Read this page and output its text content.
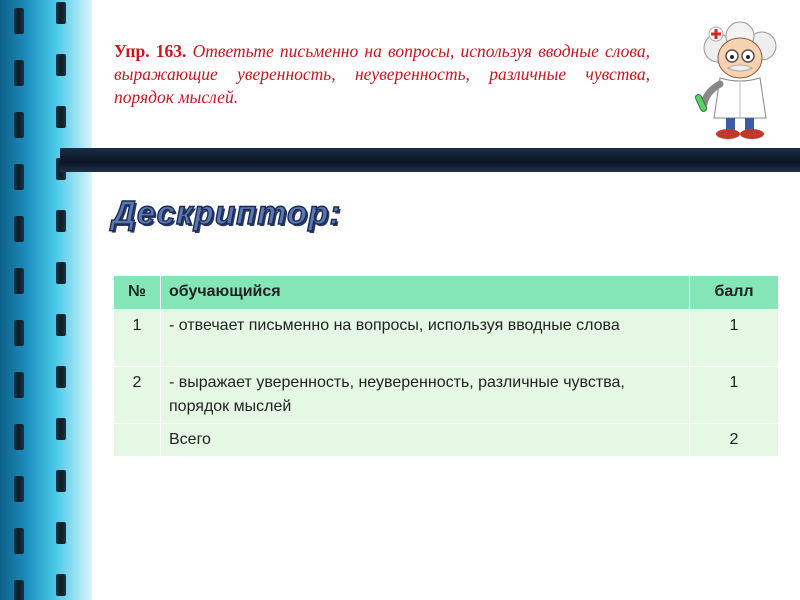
Упр. 163. Ответьте письменно на вопросы, используя вводные слова, выражающие уверенность, неуверенность, различные чувства, порядок мыслей.
Дескриптор:
№	обучающийся	балл
1	- отвечает письменно на вопросы, используя вводные слова	1
2	- выражает уверенность, неуверенность, различные чувства, порядок мыслей	1
	Всего	2
